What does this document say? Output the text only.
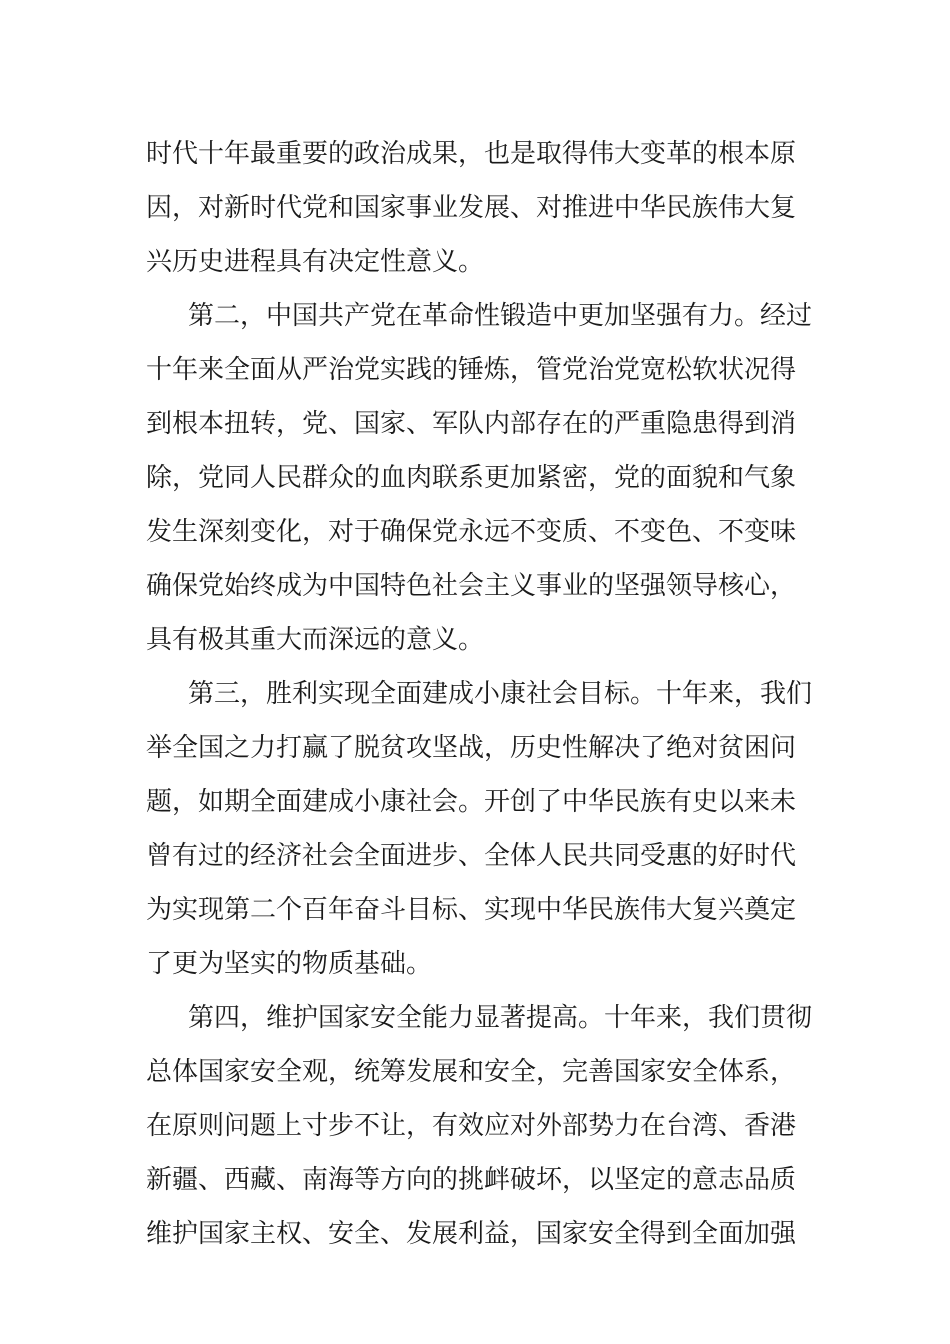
时代十年最重要的政治成果，也是取得伟大变革的根本原
因，对新时代党和国家事业发展、对推进中华民族伟大复
兴历史进程具有决定性意义。
第二，中国共产党在革命性锻造中更加坚强有力。经过
十年来全面从严治党实践的锤炼，管党治党宽松软状况得
到根本扭转，党、国家、军队内部存在的严重隐患得到消
除，党同人民群众的血肉联系更加紧密，党的面貌和气象
发生深刻变化，对于确保党永远不变质、不变色、不变味
确保党始终成为中国特色社会主义事业的坚强领导核心，
具有极其重大而深远的意义。
第三，胜利实现全面建成小康社会目标。十年来，我们
举全国之力打赢了脱贫攻坚战，历史性解决了绝对贫困问
题，如期全面建成小康社会。开创了中华民族有史以来未
曾有过的经济社会全面进步、全体人民共同受惠的好时代
为实现第二个百年奋斗目标、实现中华民族伟大复兴奠定
了更为坚实的物质基础。
第四，维护国家安全能力显著提高。十年来，我们贯彻
总体国家安全观，统筹发展和安全，完善国家安全体系，
在原则问题上寸步不让，有效应对外部势力在台湾、香港
新疆、西藏、南海等方向的挑衅破坏，以坚定的意志品质
维护国家主权、安全、发展利益，国家安全得到全面加强
